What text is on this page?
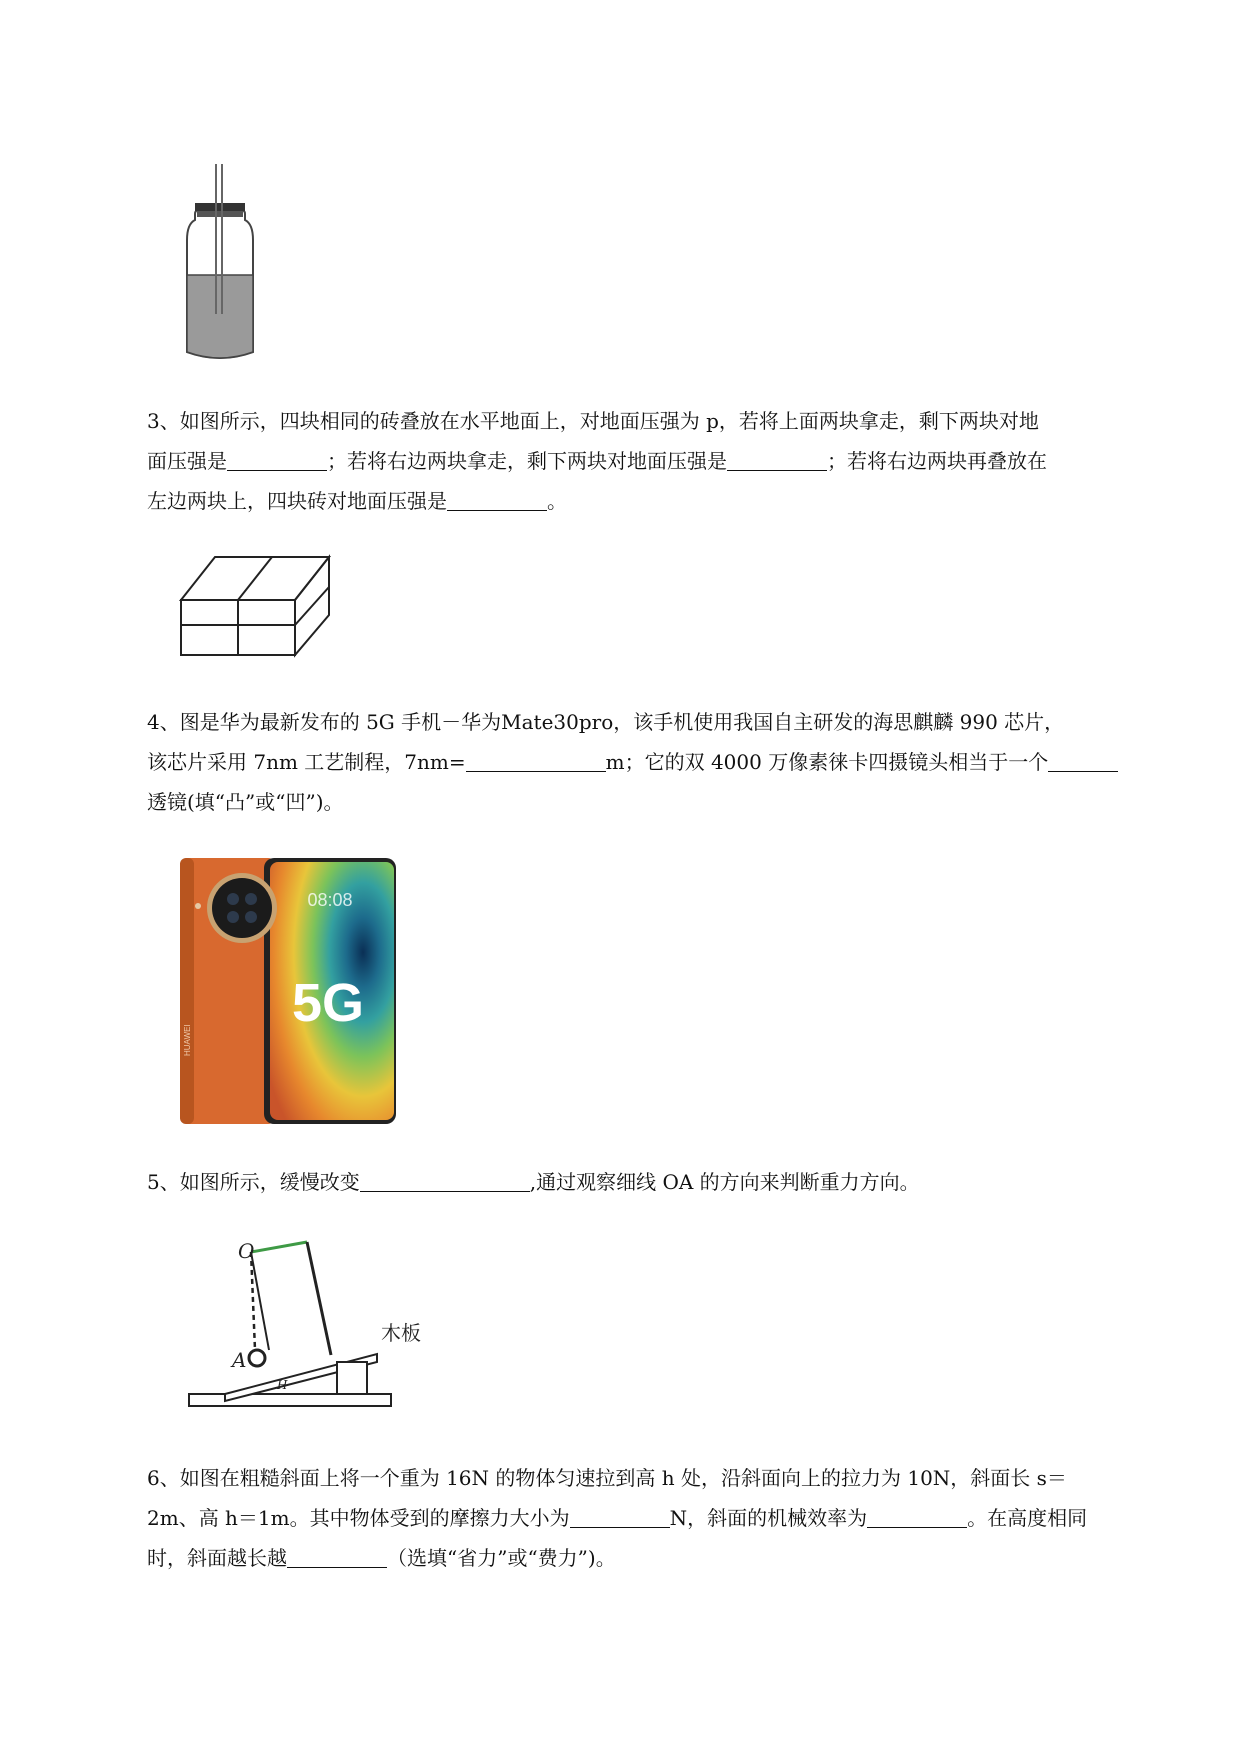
3、如图所示，四块相同的砖叠放在水平地面上，对地面压强为 p，若将上面两块拿走，剩下两块对地

面压强是	；若将右边两块拿走，剩下两块对地面压强是	；若将右边两块再叠放在

左边两块上，四块砖对地面压强是	。

4、图是华为最新发布的 5G 手机－华为Mate30pro，该手机使用我国自主研发的海思麒麟 990 芯片，

该芯片采用 7nm 工艺制程，7nm=	m；它的双 4000 万像素徕卡四摄镜头相当于一个

透镜(填“凸”或“凹”)。

08:08
5G
HUAWEI

5、如图所示，缓慢改变	,通过观察细线 OA 的方向来判断重力方向。

O
A
H
木板

6、如图在粗糙斜面上将一个重为 16N 的物体匀速拉到高 h 处，沿斜面向上的拉力为 10N，斜面长 s＝

2m、高 h＝1m。其中物体受到的摩擦力大小为	N，斜面的机械效率为	。在高度相同

时，斜面越长越	（选填“省力”或“费力”)。
